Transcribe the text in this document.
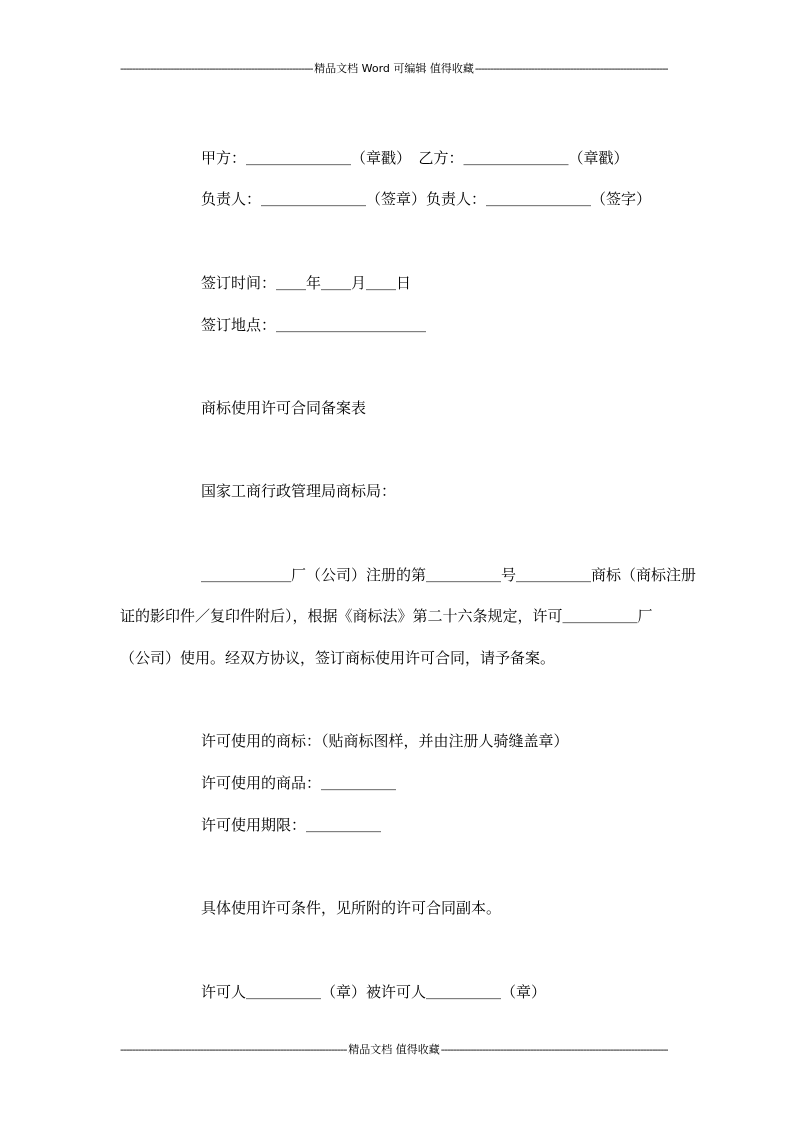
-----
精品文档 Word 可编辑 值得收藏
-----
甲方：＿＿＿＿＿＿＿（章戳）　乙方：＿＿＿＿＿＿＿（章戳）
负责人：＿＿＿＿＿＿＿（签章）负责人：＿＿＿＿＿＿＿（签字）
签订时间：＿＿年＿＿月＿＿日
签订地点：＿＿＿＿＿＿＿＿＿＿
商标使用许可合同备案表
国家工商行政管理局商标局：
＿＿＿＿＿＿厂（公司）注册的第＿＿＿＿＿号＿＿＿＿＿商标（商标注册
证的影印件／复印件附后），根据《商标法》第二十六条规定，许可＿＿＿＿＿厂
（公司）使用。经双方协议，签订商标使用许可合同，请予备案。
许可使用的商标：（贴商标图样，并由注册人骑缝盖章）
许可使用的商品：＿＿＿＿＿
许可使用期限：＿＿＿＿＿
具体使用许可条件，见所附的许可合同副本。
许可人＿＿＿＿＿（章）被许可人＿＿＿＿＿（章）
-----
精品文档 值得收藏
-----
